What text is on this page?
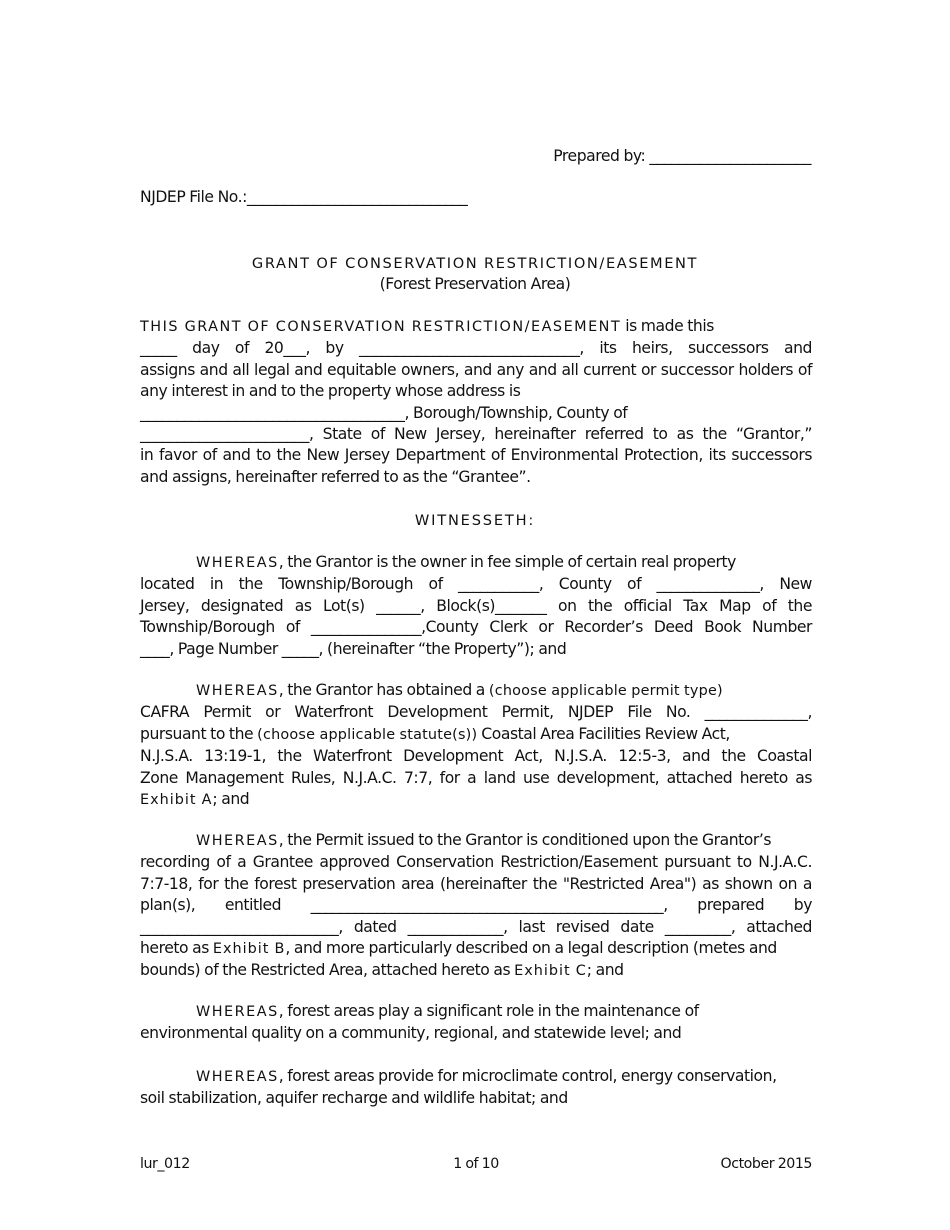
Prepared by: ______________________
NJDEP File No.:______________________________
GRANT OF CONSERVATION RESTRICTION/EASEMENT
(Forest Preservation Area)
THIS GRANT OF CONSERVATION RESTRICTION/EASEMENT is made this
_____ day of 20___, by ______________________________, its heirs, successors and
assigns and all legal and equitable owners, and any and all current or successor holders of
any interest in and to the property whose address is
____________________________________, Borough/Township, County of
_______________________, State of New Jersey, hereinafter referred to as the “Grantor,”
in favor of and to the New Jersey Department of Environmental Protection, its successors
and assigns, hereinafter referred to as the “Grantee”.
WITNESSETH:
WHEREAS, the Grantor is the owner in fee simple of certain real property
located in the Township/Borough of ___________, County of ______________, New
Jersey, designated as Lot(s) ______, Block(s)_______ on the official Tax Map of the
Township/Borough of _______________,County Clerk or Recorder’s Deed Book Number
____, Page Number _____, (hereinafter “the Property”); and
WHEREAS, the Grantor has obtained a (choose applicable permit type)
CAFRA Permit or Waterfront Development Permit, NJDEP File No. ______________,
pursuant to the (choose applicable statute(s)) Coastal Area Facilities Review Act,
N.J.S.A. 13:19-1, the Waterfront Development Act, N.J.S.A. 12:5-3, and the Coastal
Zone Management Rules, N.J.A.C. 7:7, for a land use development, attached hereto as
Exhibit A; and
WHEREAS, the Permit issued to the Grantor is conditioned upon the Grantor’s
recording of a Grantee approved Conservation Restriction/Easement pursuant to N.J.A.C.
7:7-18, for the forest preservation area (hereinafter the "Restricted Area") as shown on a
plan(s), entitled ________________________________________________, prepared by
___________________________, dated _____________, last revised date _________, attached
hereto as Exhibit B, and more particularly described on a legal description (metes and
bounds) of the Restricted Area, attached hereto as Exhibit C; and
WHEREAS, forest areas play a significant role in the maintenance of
environmental quality on a community, regional, and statewide level; and
WHEREAS, forest areas provide for microclimate control, energy conservation,
soil stabilization, aquifer recharge and wildlife habitat; and
lur_012	1 of 10	October 2015
